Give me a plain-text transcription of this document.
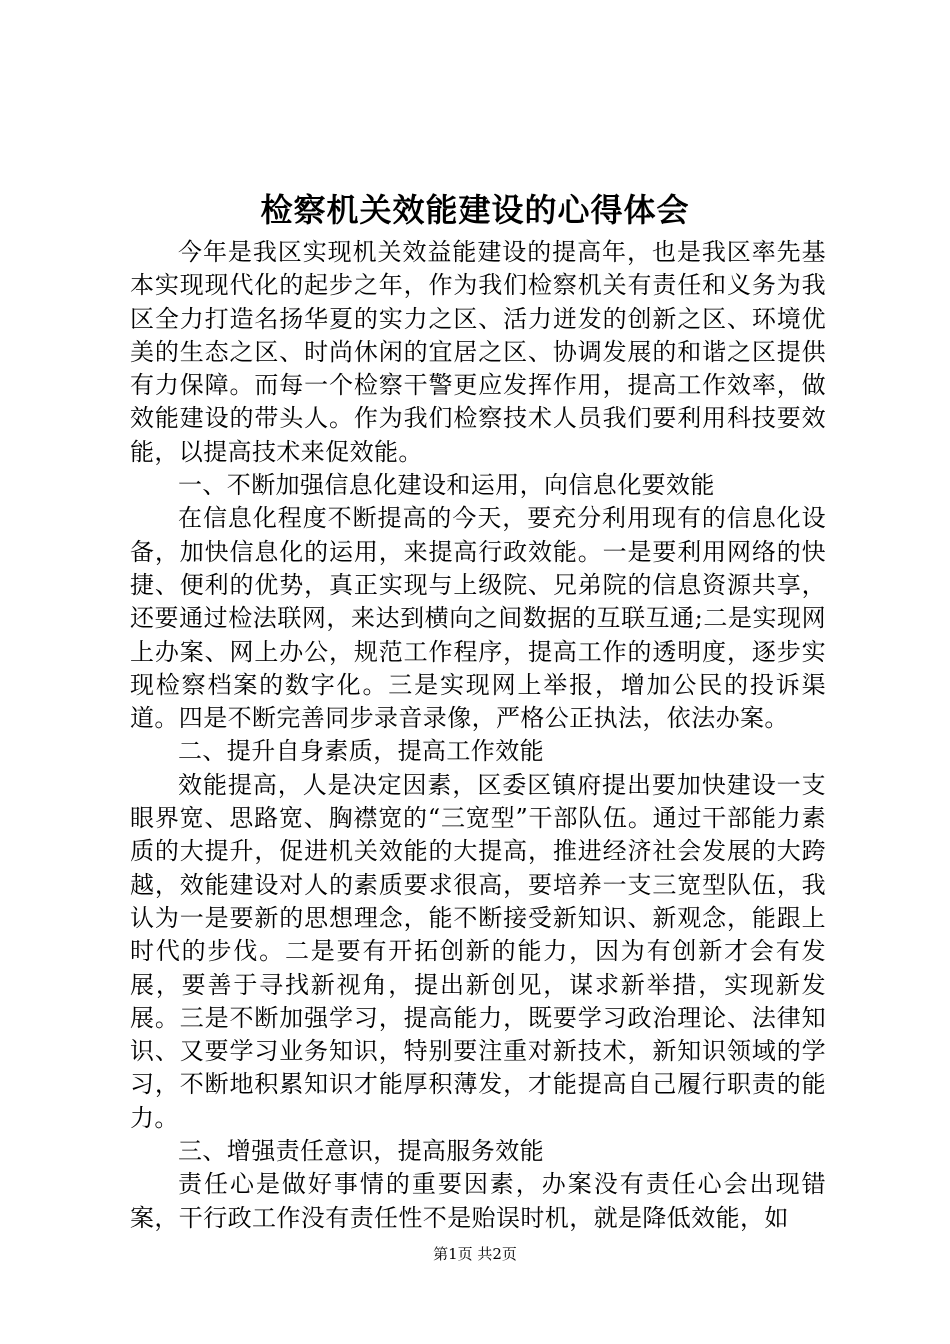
检察机关效能建设的心得体会

今年是我区实现机关效益能建设的提高年，也是我区率先基本实现现代化的起步之年，作为我们检察机关有责任和义务为我区全力打造名扬华夏的实力之区、活力迸发的创新之区、环境优美的生态之区、时尚休闲的宜居之区、协调发展的和谐之区提供有力保障。而每一个检察干警更应发挥作用，提高工作效率，做效能建设的带头人。作为我们检察技术人员我们要利用科技要效能，以提高技术来促效能。

一、不断加强信息化建设和运用，向信息化要效能

在信息化程度不断提高的今天，要充分利用现有的信息化设备，加快信息化的运用，来提高行政效能。一是要利用网络的快捷、便利的优势，真正实现与上级院、兄弟院的信息资源共享，还要通过检法联网，来达到横向之间数据的互联互通;二是实现网上办案、网上办公，规范工作程序，提高工作的透明度，逐步实现检察档案的数字化。三是实现网上举报，增加公民的投诉渠道。四是不断完善同步录音录像，严格公正执法，依法办案。

二、提升自身素质，提高工作效能

效能提高，人是决定因素，区委区镇府提出要加快建设一支眼界宽、思路宽、胸襟宽的“三宽型”干部队伍。通过干部能力素质的大提升，促进机关效能的大提高，推进经济社会发展的大跨越，效能建设对人的素质要求很高，要培养一支三宽型队伍，我认为一是要新的思想理念，能不断接受新知识、新观念，能跟上时代的步伐。二是要有开拓创新的能力，因为有创新才会有发展，要善于寻找新视角，提出新创见，谋求新举措，实现新发展。三是不断加强学习，提高能力，既要学习政治理论、法律知识、又要学习业务知识，特别要注重对新技术，新知识领域的学习，不断地积累知识才能厚积薄发，才能提高自己履行职责的能力。

三、增强责任意识，提高服务效能

责任心是做好事情的重要因素，办案没有责任心会出现错案，干行政工作没有责任性不是贻误时机，就是降低效能，如

第1页 共2页
